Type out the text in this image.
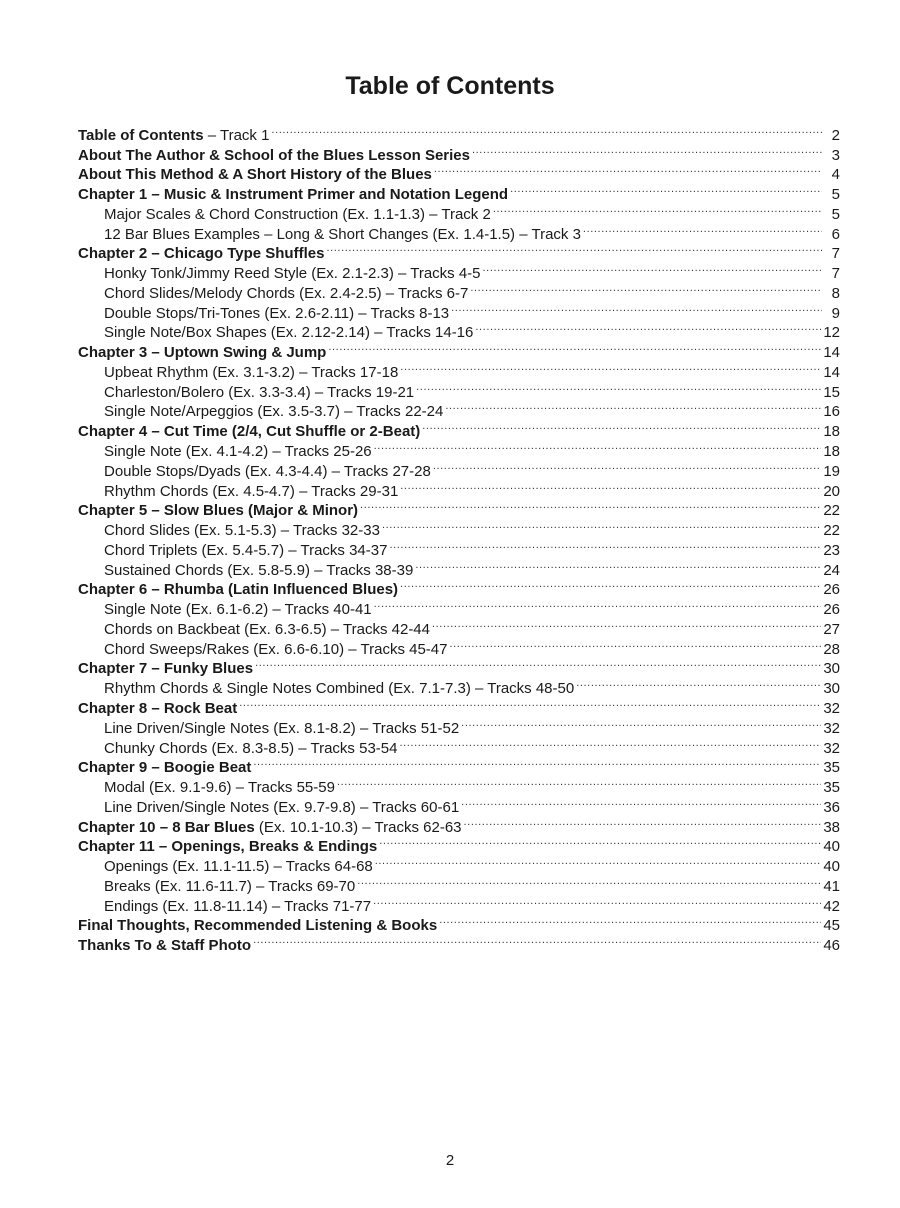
Table of Contents
Table of Contents – Track 1 .....	2
About The Author & School of the Blues Lesson Series .....	3
About This Method & A Short History of the Blues .....	4
Chapter 1 – Music & Instrument Primer and Notation Legend .....	5
Major Scales & Chord Construction (Ex. 1.1-1.3) – Track 2 .....	5
12 Bar Blues Examples – Long & Short Changes (Ex. 1.4-1.5) – Track 3 .....	6
Chapter 2 – Chicago Type Shuffles .....	7
Honky Tonk/Jimmy Reed Style (Ex. 2.1-2.3) – Tracks 4-5 .....	7
Chord Slides/Melody Chords (Ex. 2.4-2.5) – Tracks 6-7 .....	8
Double Stops/Tri-Tones (Ex. 2.6-2.11) – Tracks 8-13 .....	9
Single Note/Box Shapes (Ex. 2.12-2.14) – Tracks 14-16 .....	12
Chapter 3 – Uptown Swing & Jump .....	14
Upbeat Rhythm (Ex. 3.1-3.2) – Tracks 17-18 .....	14
Charleston/Bolero (Ex. 3.3-3.4) – Tracks 19-21 .....	15
Single Note/Arpeggios (Ex. 3.5-3.7) – Tracks 22-24 .....	16
Chapter 4 – Cut Time (2/4, Cut Shuffle or 2-Beat) .....	18
Single Note (Ex. 4.1-4.2) – Tracks 25-26 .....	18
Double Stops/Dyads (Ex. 4.3-4.4) – Tracks 27-28 .....	19
Rhythm Chords (Ex. 4.5-4.7) – Tracks 29-31 .....	20
Chapter 5 – Slow Blues (Major & Minor) .....	22
Chord Slides (Ex. 5.1-5.3) – Tracks 32-33 .....	22
Chord Triplets (Ex. 5.4-5.7) – Tracks 34-37 .....	23
Sustained Chords (Ex. 5.8-5.9) – Tracks 38-39 .....	24
Chapter 6 – Rhumba (Latin Influenced Blues) .....	26
Single Note (Ex. 6.1-6.2) – Tracks 40-41 .....	26
Chords on Backbeat (Ex. 6.3-6.5) – Tracks 42-44 .....	27
Chord Sweeps/Rakes (Ex. 6.6-6.10) – Tracks 45-47 .....	28
Chapter 7 – Funky Blues .....	30
Rhythm Chords & Single Notes Combined (Ex. 7.1-7.3) – Tracks 48-50 .....	30
Chapter 8 – Rock Beat .....	32
Line Driven/Single Notes (Ex. 8.1-8.2) – Tracks 51-52 .....	32
Chunky Chords (Ex. 8.3-8.5) – Tracks 53-54 .....	32
Chapter 9 – Boogie Beat .....	35
Modal (Ex. 9.1-9.6) – Tracks 55-59 .....	35
Line Driven/Single Notes (Ex. 9.7-9.8) – Tracks 60-61 .....	36
Chapter 10 – 8 Bar Blues (Ex. 10.1-10.3) – Tracks 62-63 .....	38
Chapter 11 – Openings, Breaks & Endings .....	40
Openings (Ex. 11.1-11.5) – Tracks 64-68 .....	40
Breaks (Ex. 11.6-11.7) – Tracks 69-70 .....	41
Endings (Ex. 11.8-11.14) – Tracks 71-77 .....	42
Final Thoughts, Recommended Listening & Books .....	45
Thanks To & Staff Photo .....	46
2
